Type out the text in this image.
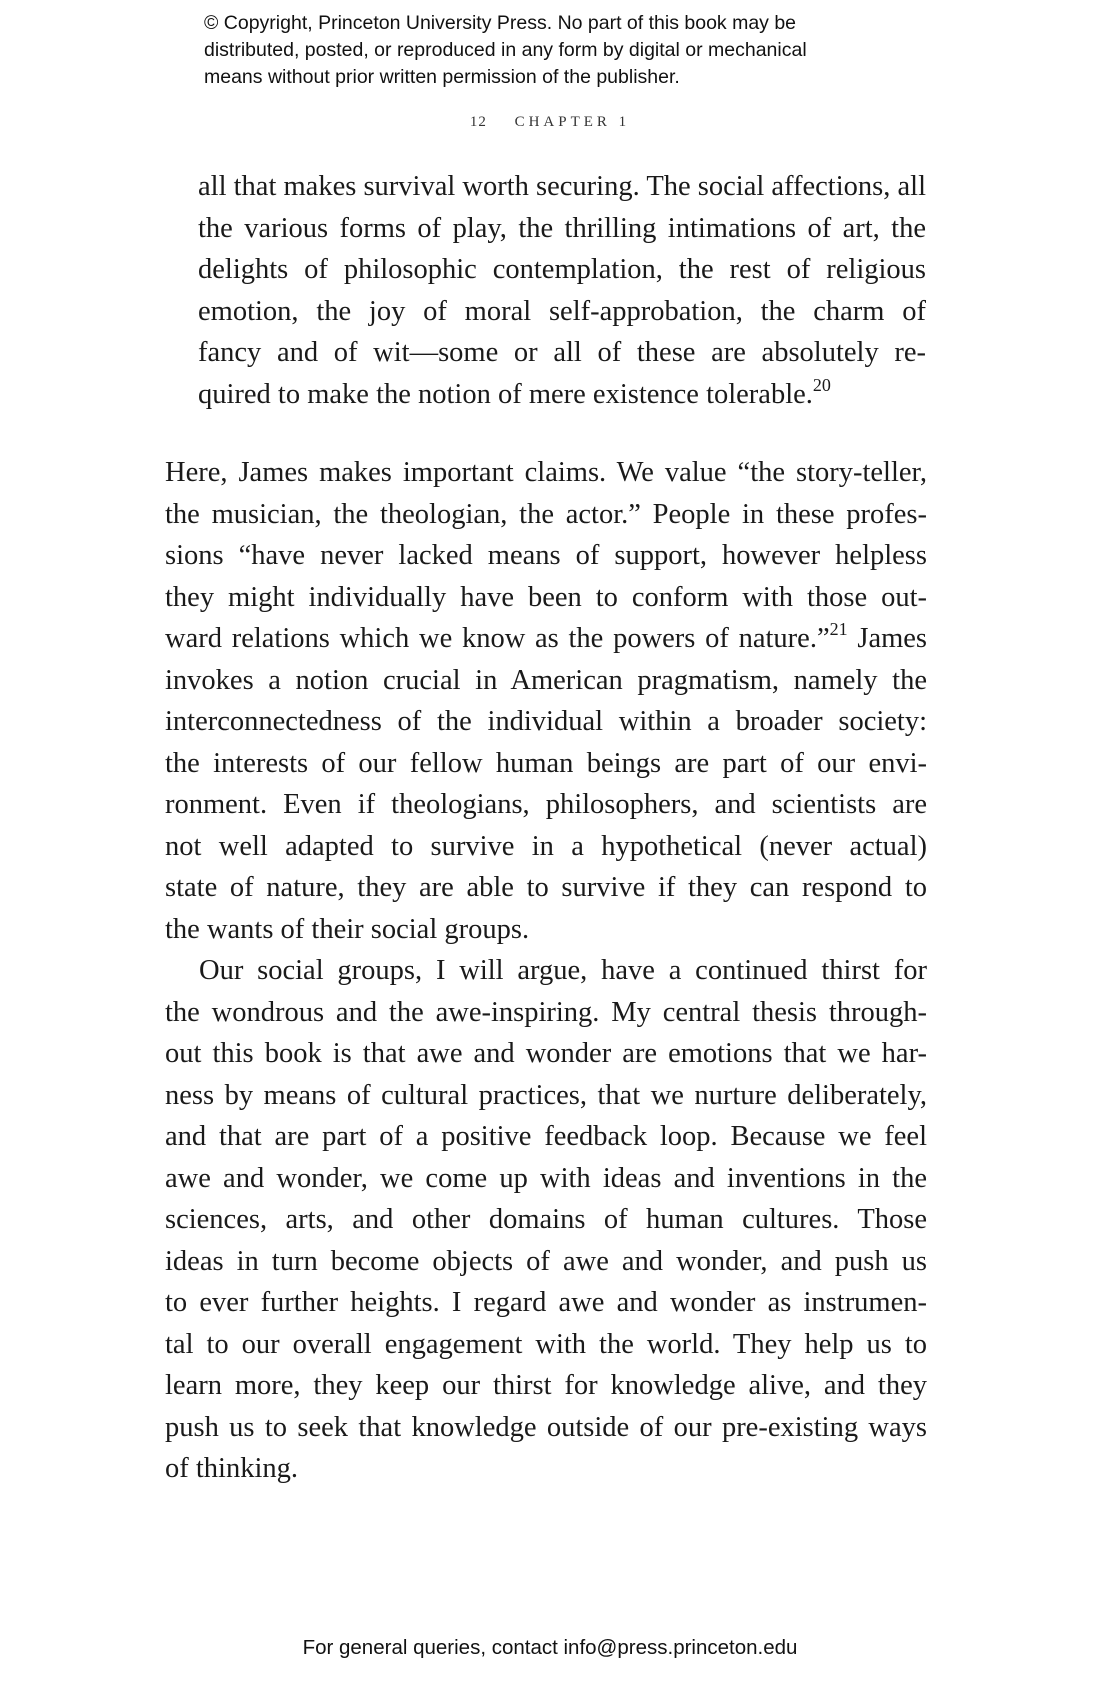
© Copyright, Princeton University Press. No part of this book may be
distributed, posted, or reproduced in any form by digital or mechanical
means without prior written permission of the publisher.
12 CHAPTER 1
all that makes survival worth securing. The social affections, all
the various forms of play, the thrilling intimations of art, the
delights of philosophic contemplation, the rest of religious
emotion, the joy of moral self-approbation, the charm of
fancy and of wit—some or all of these are absolutely re-
quired to make the notion of mere existence tolerable.$^{20}$
Here, James makes important claims. We value “the story-teller,
the musician, the theologian, the actor.” People in these profes-
sions “have never lacked means of support, however helpless
they might individually have been to conform with those out-
ward relations which we know as the powers of nature.”$^{21}$ James
invokes a notion crucial in American pragmatism, namely the
interconnectedness of the individual within a broader society:
the interests of our fellow human beings are part of our envi-
ronment. Even if theologians, philosophers, and scientists are
not well adapted to survive in a hypothetical (never actual)
state of nature, they are able to survive if they can respond to
the wants of their social groups.
Our social groups, I will argue, have a continued thirst for
the wondrous and the awe-inspiring. My central thesis through-
out this book is that awe and wonder are emotions that we har-
ness by means of cultural practices, that we nurture deliberately,
and that are part of a positive feedback loop. Because we feel
awe and wonder, we come up with ideas and inventions in the
sciences, arts, and other domains of human cultures. Those
ideas in turn become objects of awe and wonder, and push us
to ever further heights. I regard awe and wonder as instrumen-
tal to our overall engagement with the world. They help us to
learn more, they keep our thirst for knowledge alive, and they
push us to seek that knowledge outside of our pre-existing ways
of thinking.
For general queries, contact info@press.princeton.edu
